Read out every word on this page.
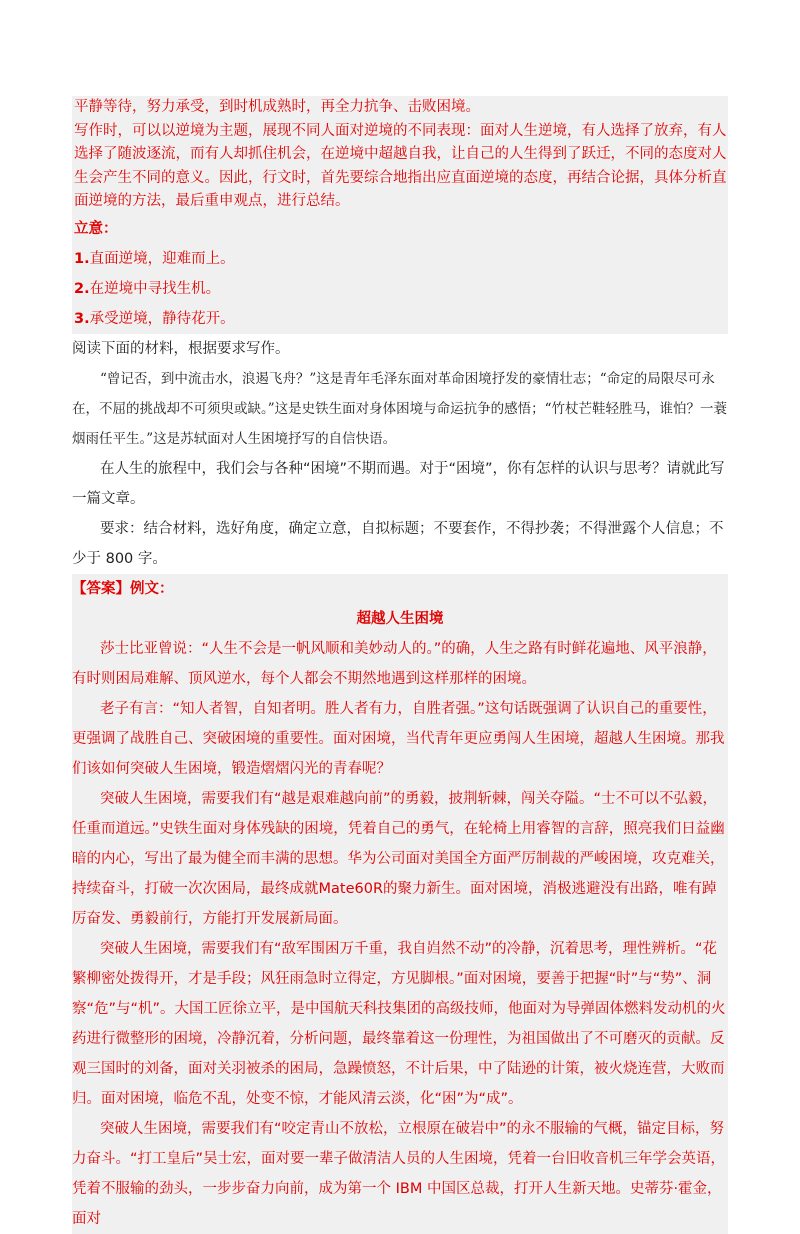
平静等待，努力承受，到时机成熟时，再全力抗争、击败困境。

写作时，可以以逆境为主题，展现不同人面对逆境的不同表现：面对人生逆境，有人选择了放弃，有人选择了随波逐流，而有人却抓住机会，在逆境中超越自我，让自己的人生得到了跃迁，不同的态度对人生会产生不同的意义。因此，行文时，首先要综合地指出应直面逆境的态度，再结合论据，具体分析直面逆境的方法，最后重申观点，进行总结。

立意：

1.直面逆境，迎难而上。

2.在逆境中寻找生机。

3.承受逆境，静待花开。

阅读下面的材料，根据要求写作。

“曾记否，到中流击水，浪遏飞舟？”这是青年毛泽东面对革命困境抒发的豪情壮志；“命定的局限尽可永在，不屈的挑战却不可须臾或缺。”这是史铁生面对身体困境与命运抗争的感悟；“竹杖芒鞋轻胜马，谁怕？一蓑烟雨任平生。”这是苏轼面对人生困境抒写的自信快语。

在人生的旅程中，我们会与各种“困境”不期而遇。对于“困境”，你有怎样的认识与思考？请就此写一篇文章。

要求：结合材料，选好角度，确定立意，自拟标题；不要套作，不得抄袭；不得泄露个人信息；不少于 800 字。

【答案】例文：

超越人生困境

莎士比亚曾说：“人生不会是一帆风顺和美妙动人的。”的确，人生之路有时鲜花遍地、风平浪静，有时则困局难解、顶风逆水，每个人都会不期然地遇到这样那样的困境。

老子有言：“知人者智，自知者明。胜人者有力，自胜者强。”这句话既强调了认识自己的重要性，更强调了战胜自己、突破困境的重要性。面对困境，当代青年更应勇闯人生困境，超越人生困境。那我们该如何突破人生困境，锻造熠熠闪光的青春呢？

突破人生困境，需要我们有“越是艰难越向前”的勇毅，披荆斩棘，闯关夺隘。“士不可以不弘毅，任重而道远。”史铁生面对身体残缺的困境，凭着自己的勇气，在轮椅上用睿智的言辞，照亮我们日益幽暗的内心，写出了最为健全而丰满的思想。华为公司面对美国全方面严厉制裁的严峻困境，攻克难关，持续奋斗，打破一次次困局，最终成就Mate60R的聚力新生。面对困境，消极逃避没有出路，唯有踔厉奋发、勇毅前行，方能打开发展新局面。

突破人生困境，需要我们有“敌军围困万千重，我自岿然不动”的冷静，沉着思考，理性辨析。“花繁柳密处拨得开，才是手段；风狂雨急时立得定，方见脚根。”面对困境，要善于把握“时”与“势”、洞察“危”与“机”。大国工匠徐立平，是中国航天科技集团的高级技师，他面对为导弹固体燃料发动机的火药进行微整形的困境，冷静沉着，分析问题，最终靠着这一份理性，为祖国做出了不可磨灭的贡献。反观三国时的刘备，面对关羽被杀的困局，急躁愤怒，不计后果，中了陆逊的计策，被火烧连营，大败而归。面对困境，临危不乱，处变不惊，才能风清云淡，化“困”为“成”。

突破人生困境，需要我们有“咬定青山不放松，立根原在破岩中”的永不服输的气概，锚定目标，努力奋斗。“打工皇后”吴士宏，面对要一辈子做清洁人员的人生困境，凭着一台旧收音机三年学会英语，凭着不服输的劲头，一步步奋力向前，成为第一个 IBM 中国区总裁，打开人生新天地。史蒂芬·霍金，面对
